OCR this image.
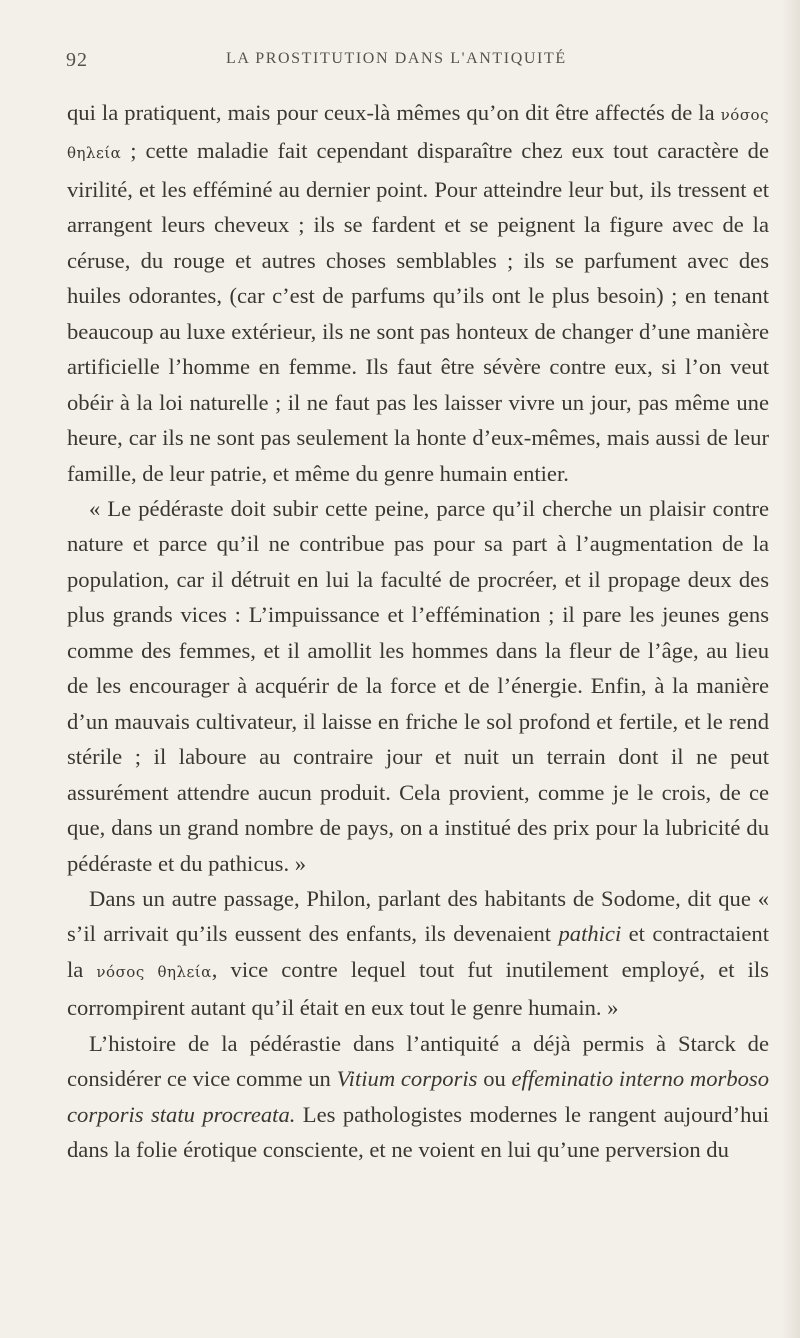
92	LA PROSTITUTION DANS L'ANTIQUITÉ

qui la pratiquent, mais pour ceux-là mêmes qu’on dit être affectés de la νόσος θηλεία ; cette maladie fait cependant disparaître chez eux tout caractère de virilité, et les efféminé au dernier point. Pour atteindre leur but, ils tressent et arrangent leurs cheveux ; ils se fardent et se peignent la figure avec de la céruse, du rouge et autres choses semblables ; ils se parfument avec des huiles odorantes, (car c’est de parfums qu’ils ont le plus besoin) ; en tenant beaucoup au luxe extérieur, ils ne sont pas honteux de changer d’une manière artificielle l’homme en femme. Ils faut être sévère contre eux, si l’on veut obéir à la loi naturelle ; il ne faut pas les laisser vivre un jour, pas même une heure, car ils ne sont pas seulement la honte d’eux-mêmes, mais aussi de leur famille, de leur patrie, et même du genre humain entier.

« Le pédéraste doit subir cette peine, parce qu’il cherche un plaisir contre nature et parce qu’il ne contribue pas pour sa part à l’augmentation de la population, car il détruit en lui la faculté de procréer, et il propage deux des plus grands vices : L’impuissance et l’effémination ; il pare les jeunes gens comme des femmes, et il amollit les hommes dans la fleur de l’âge, au lieu de les encourager à acquérir de la force et de l’énergie. Enfin, à la manière d’un mauvais cultivateur, il laisse en friche le sol profond et fertile, et le rend stérile ; il laboure au contraire jour et nuit un terrain dont il ne peut assurément attendre aucun produit. Cela provient, comme je le crois, de ce que, dans un grand nombre de pays, on a institué des prix pour la lubricité du pédéraste et du pathicus. »

Dans un autre passage, Philon, parlant des habitants de Sodome, dit que « s’il arrivait qu’ils eussent des enfants, ils devenaient pathici et contractaient la νόσος θηλεία, vice contre lequel tout fut inutilement employé, et ils corrompirent autant qu’il était en eux tout le genre humain. »

L’histoire de la pédérastie dans l’antiquité a déjà permis à Starck de considérer ce vice comme un Vitium corporis ou effeminatio interno morboso corporis statu procreata. Les pathologistes modernes le rangent aujourd’hui dans la folie érotique consciente, et ne voient en lui qu’une perversion du
